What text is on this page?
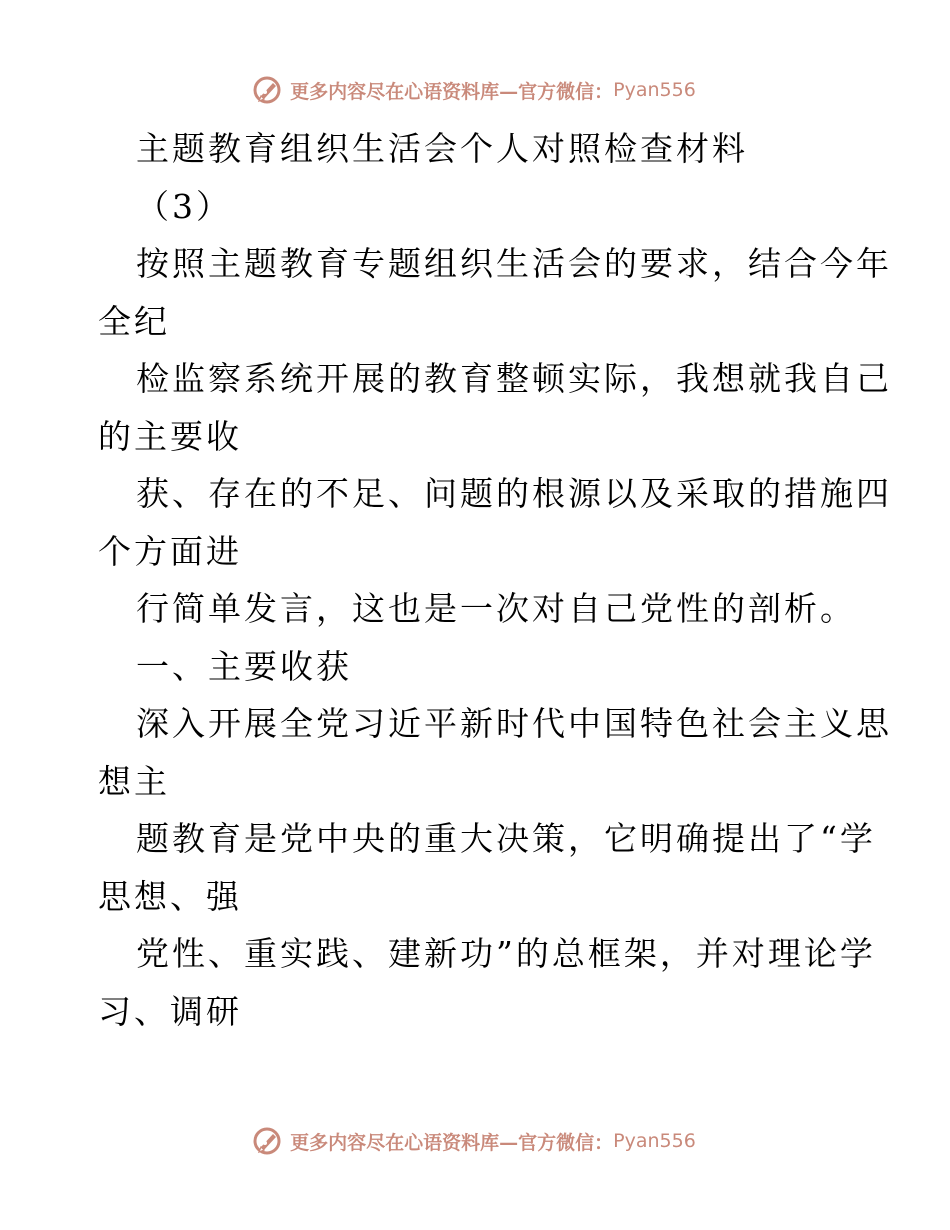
更多内容尽在心语资料库—官方微信： Pyan556
主题教育组织生活会个人对照检查材料
（3）
按照主题教育专题组织生活会的要求，结合今年
全纪
检监察系统开展的教育整顿实际，我想就我自己
的主要收
获、存在的不足、问题的根源以及采取的措施四
个方面进
行简单发言，这也是一次对自己党性的剖析。
一、主要收获
深入开展全党习近平新时代中国特色社会主义思
想主
题教育是党中央的重大决策，它明确提出了“学
思想、强
党性、重实践、建新功”的总框架，并对理论学
习、调研
更多内容尽在心语资料库—官方微信： Pyan556
